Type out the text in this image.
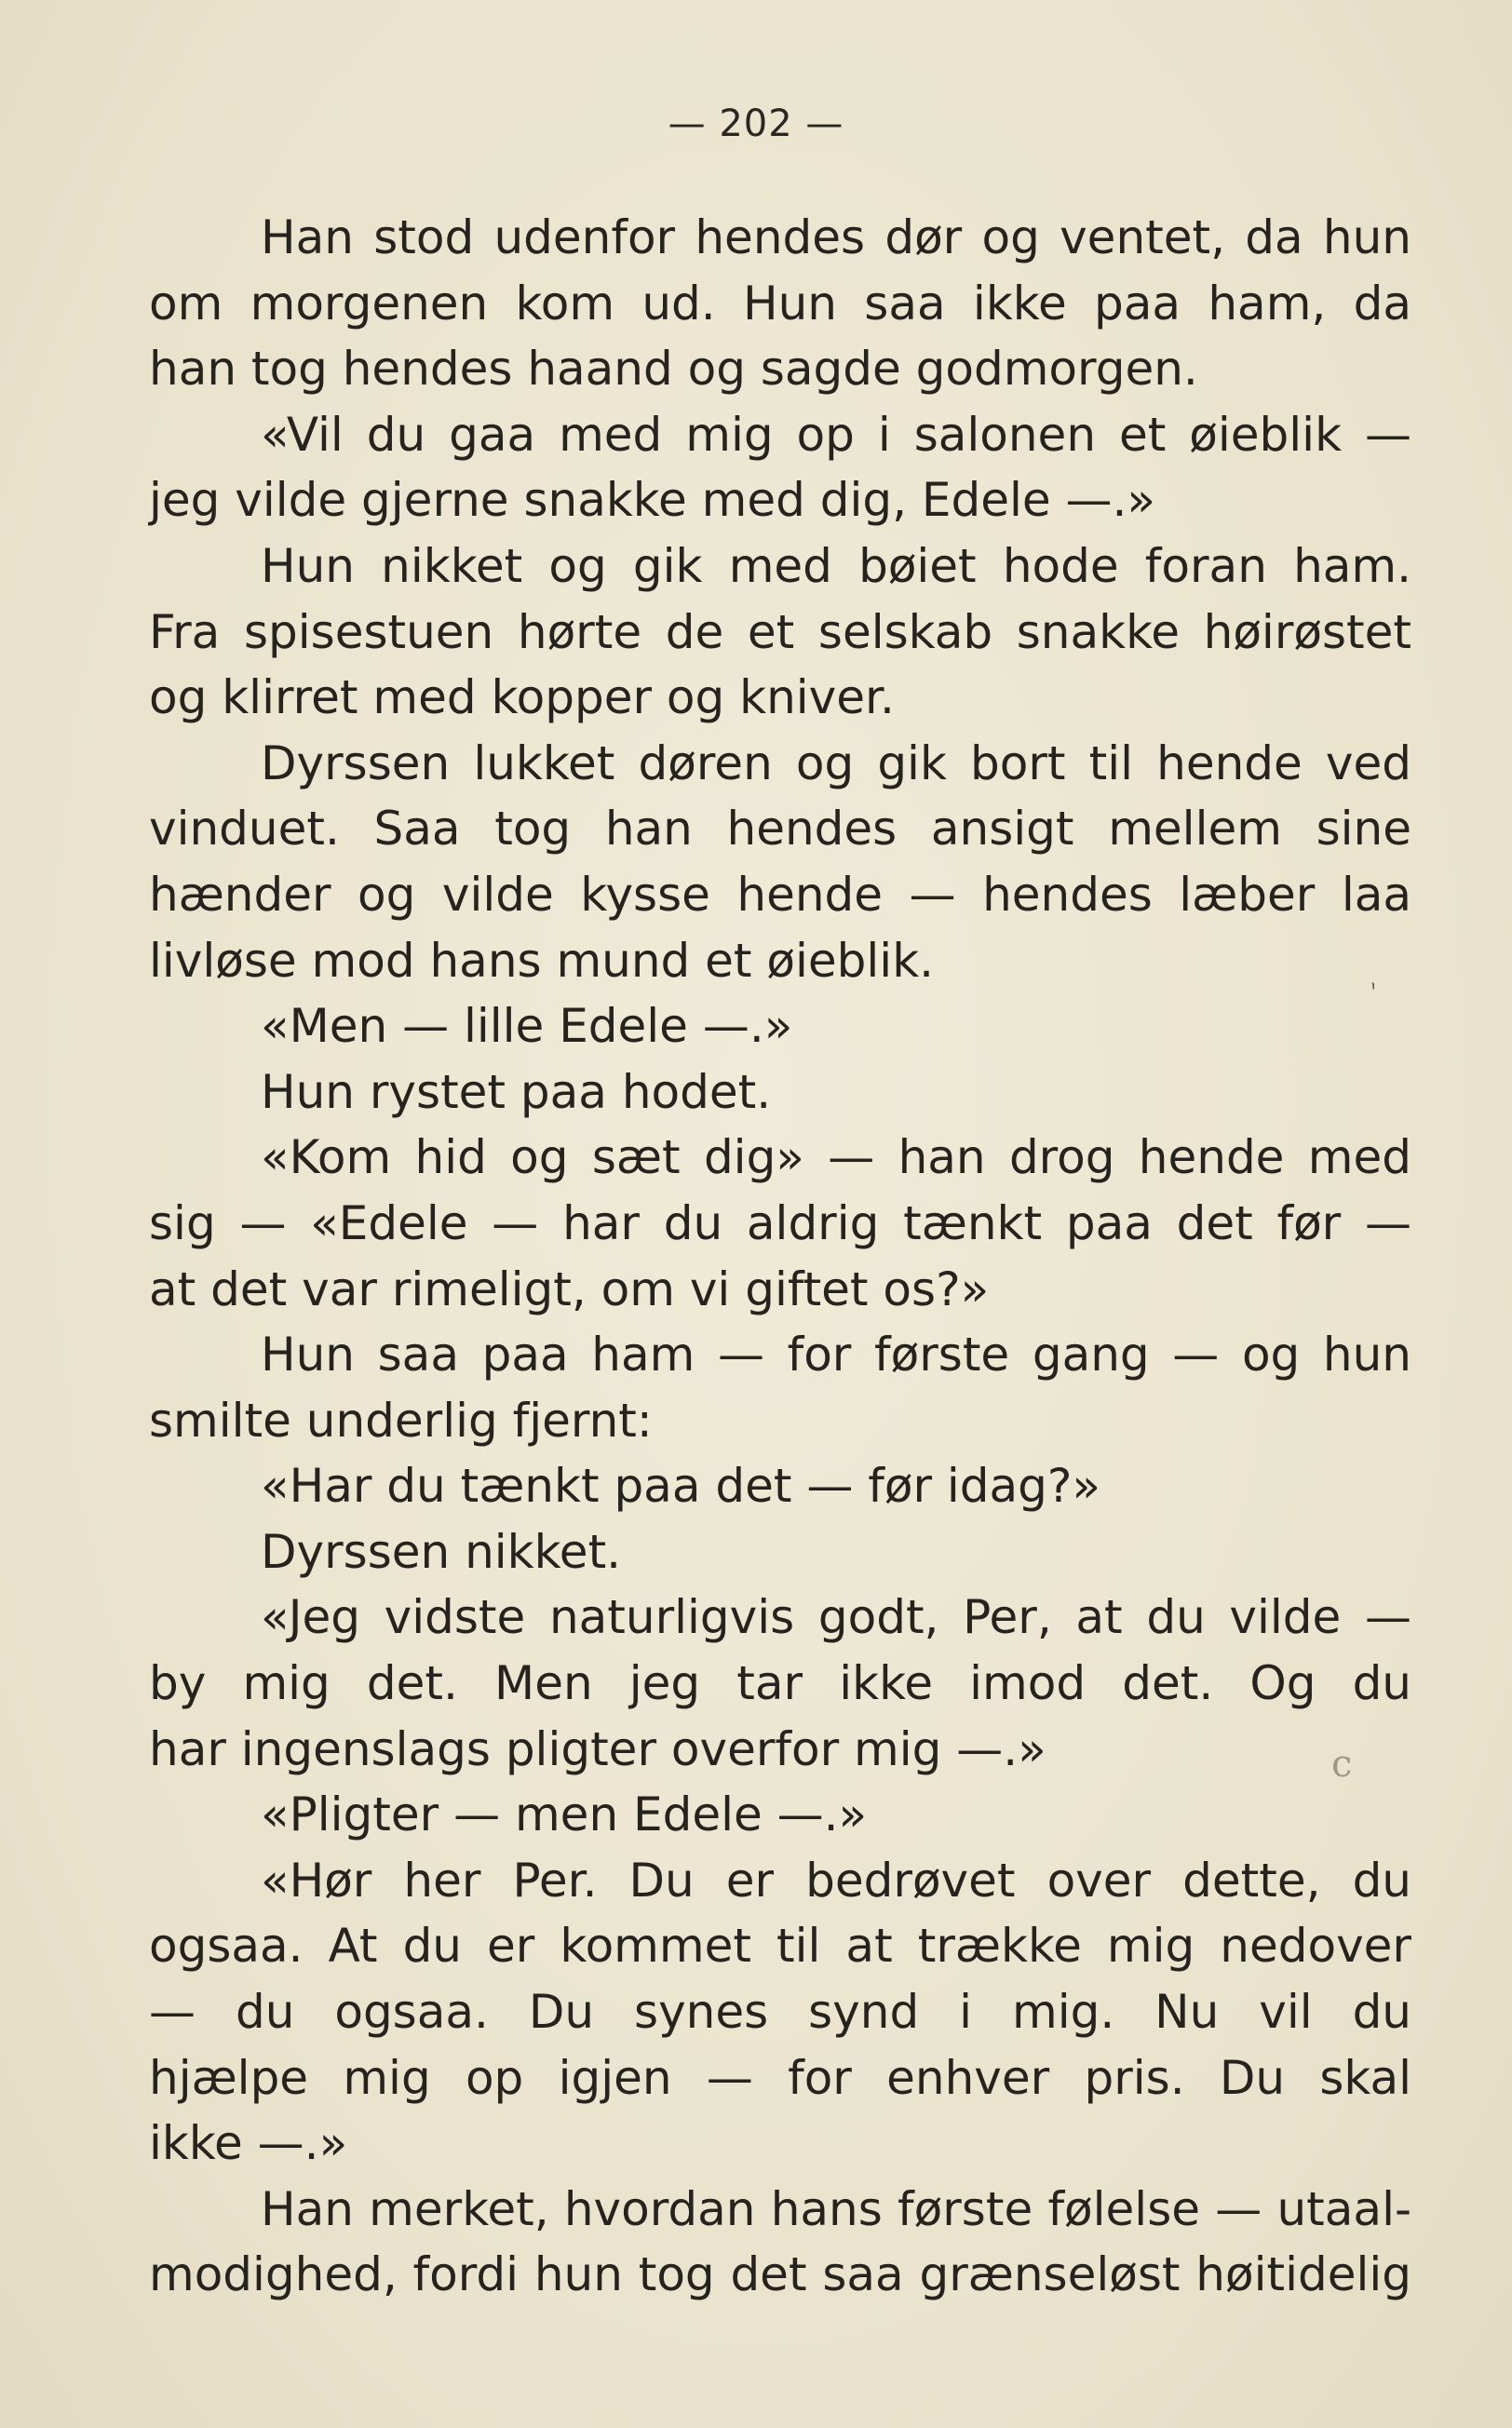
— 202 —
Han stod udenfor hendes dør og ventet, da hun
om morgenen kom ud. Hun saa ikke paa ham, da
han tog hendes haand og sagde godmorgen.
«Vil du gaa med mig op i salonen et øieblik —
jeg vilde gjerne snakke med dig, Edele —.»
Hun nikket og gik med bøiet hode foran ham.
Fra spisestuen hørte de et selskab snakke høirøstet
og klirret med kopper og kniver.
Dyrssen lukket døren og gik bort til hende ved
vinduet. Saa tog han hendes ansigt mellem sine
hænder og vilde kysse hende — hendes læber laa
livløse mod hans mund et øieblik.
«Men — lille Edele —.»
Hun rystet paa hodet.
«Kom hid og sæt dig» — han drog hende med
sig — «Edele — har du aldrig tænkt paa det før —
at det var rimeligt, om vi giftet os?»
Hun saa paa ham — for første gang — og hun
smilte underlig fjernt:
«Har du tænkt paa det — før idag?»
Dyrssen nikket.
«Jeg vidste naturligvis godt, Per, at du vilde —
by mig det. Men jeg tar ikke imod det. Og du
har ingenslags pligter overfor mig —.»
«Pligter — men Edele —.»
«Hør her Per. Du er bedrøvet over dette, du
ogsaa. At du er kommet til at trække mig nedover
— du ogsaa. Du synes synd i mig. Nu vil du
hjælpe mig op igjen — for enhver pris. Du skal
ikke —.»
Han merket, hvordan hans første følelse — utaal-
modighed, fordi hun tog det saa grænseløst høitidelig
ˋ
c
